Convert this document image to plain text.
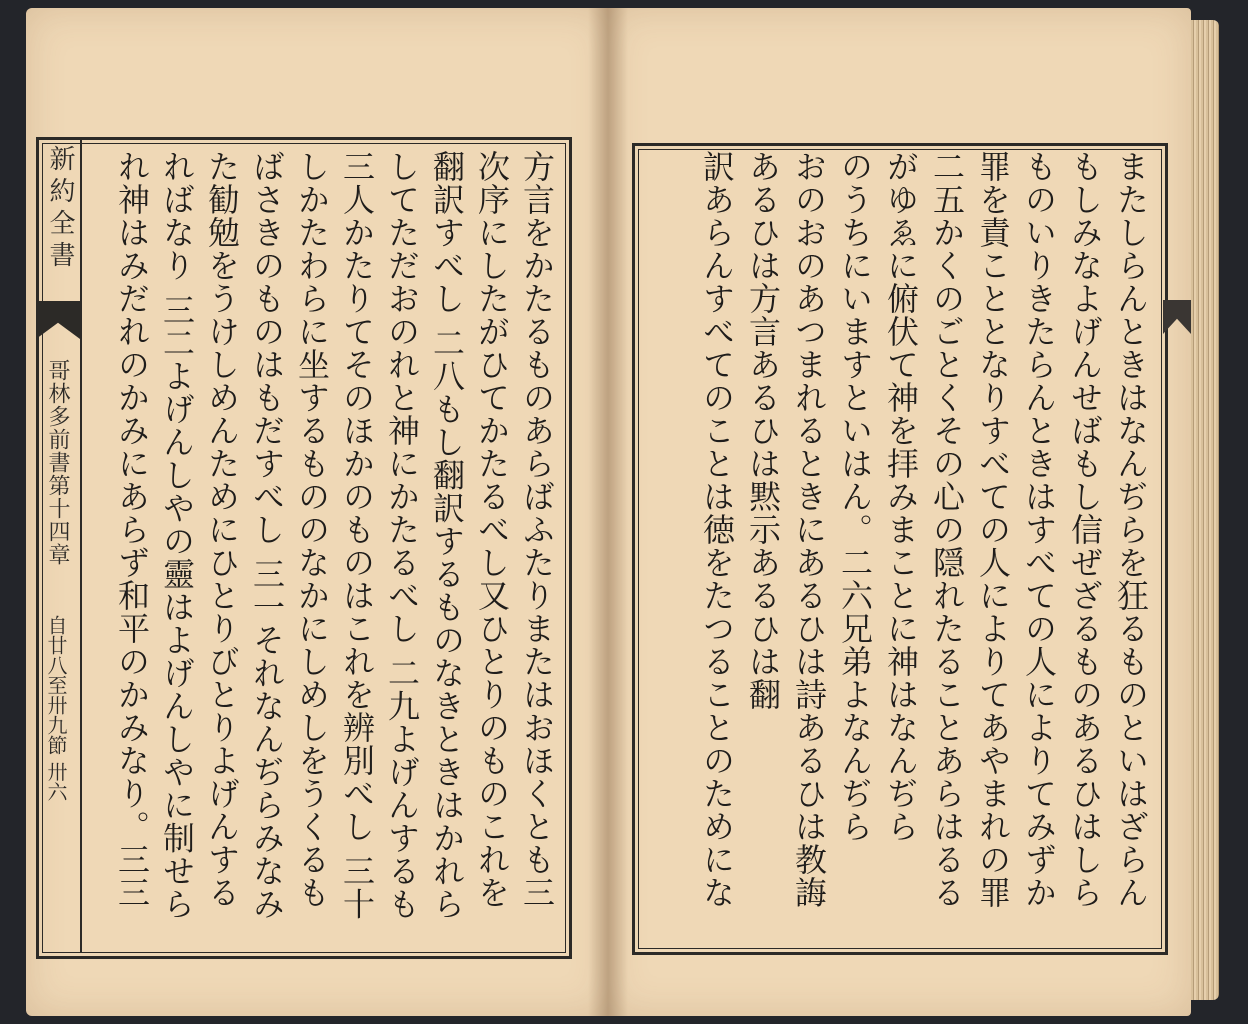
新約全書
哥林多前書第十四章
自廿八至卅九節 卅六
方言をかたるものあらばふたりまたはおほくとも三
次序にしたがひてかたるべし又ひとりのものこれを
翻訳すべし 二八もし翻訳するものなきときはかれら
してただおのれと神にかたるべし 二九よげんするも
三人かたりてそのほかのものはこれを辨別べし 三十
しかたわらに坐するもののなかにしめしをうくるも
ばさきのものはもだすべし 三一それなんぢらみなみ
た勧勉をうけしめんためにひとりびとりよげんする
ればなり 三二よげんしやの靈はよげんしやに制せら
れ神はみだれのかみにあらず和平のかみなり。三三
またしらんときはなんぢらを狂るものといはざらん
もしみなよげんせばもし信ぜざるものあるひはしら
ものいりきたらんときはすべての人によりてみずか
罪を責こととなりすべての人によりてあやまれの罪
二五かくのごとくその心の隠れたることあらはるる
がゆゑに俯伏て神を拝みまことに神はなんぢら
のうちにいますといはん。二六兄弟よなんぢら
おのおのあつまれるときにあるひは詩あるひは教誨
あるひは方言あるひは黙示あるひは翻
訳あらんすべてのことは徳をたつることのためにな
